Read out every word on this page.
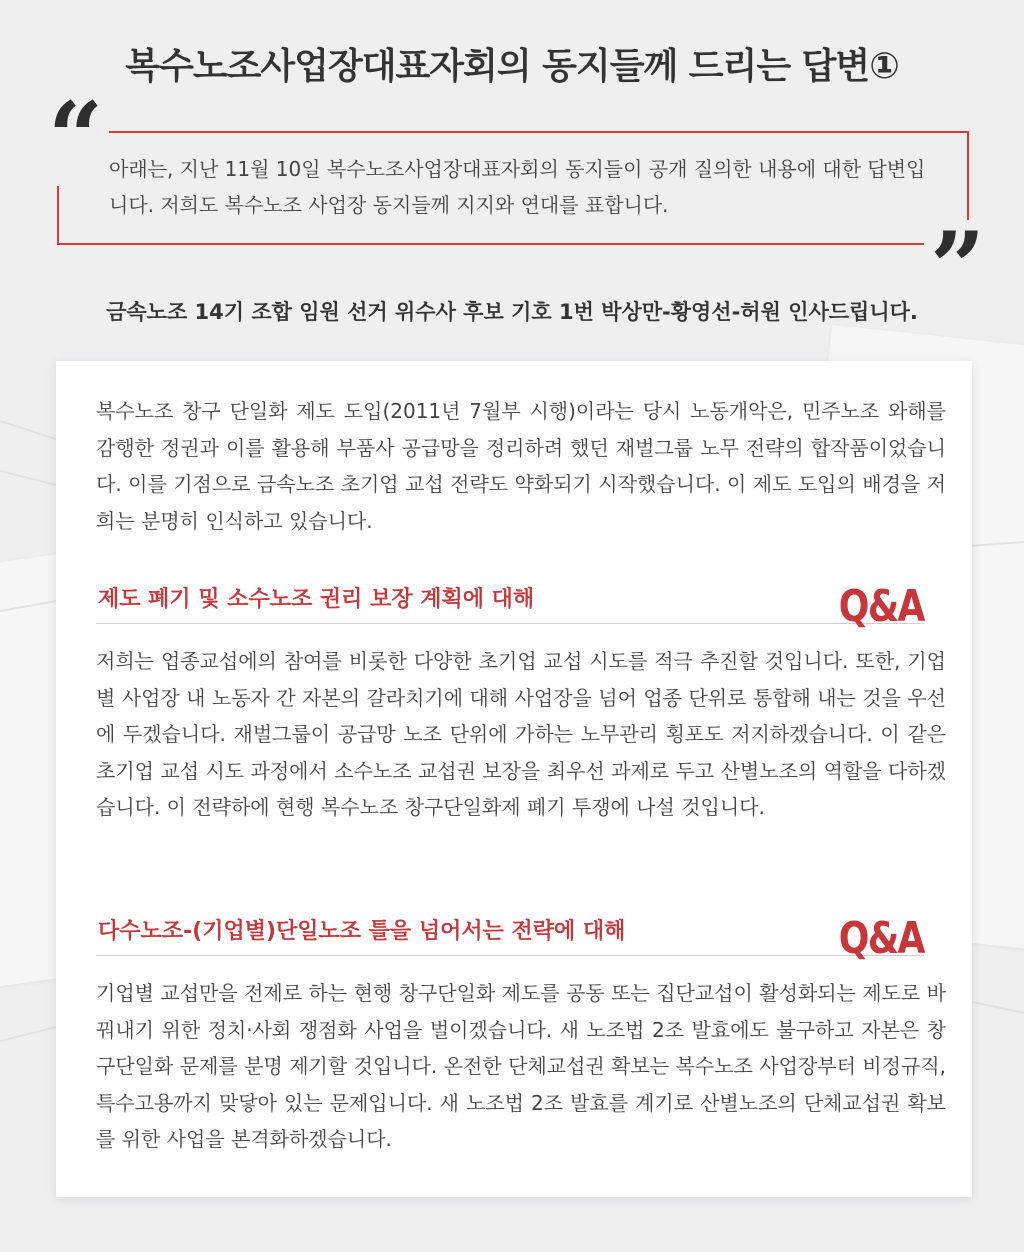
복수노조사업장대표자회의 동지들께 드리는 답변①
아래는, 지난 11월 10일 복수노조사업장대표자회의 동지들이 공개 질의한 내용에 대한 답변입니다. 저희도 복수노조 사업장 동지들께 지지와 연대를 표합니다.
“
”
금속노조 14기 조합 임원 선거 위수사 후보 기호 1번 박상만-황영선-허원 인사드립니다.

복수노조 창구 단일화 제도 도입(2011년 7월부 시행)이라는 당시 노동개악은, 민주노조 와해를 감행한 정권과 이를 활용해 부품사 공급망을 정리하려 했던 재벌그룹 노무 전략의 합작품이었습니다. 이를 기점으로 금속노조 초기업 교섭 전략도 약화되기 시작했습니다. 이 제도 도입의 배경을 저희는 분명히 인식하고 있습니다.

제도 폐기 및 소수노조 권리 보장 계획에 대해	Q&A

저희는 업종교섭에의 참여를 비롯한 다양한 초기업 교섭 시도를 적극 추진할 것입니다. 또한, 기업별 사업장 내 노동자 간 자본의 갈라치기에 대해 사업장을 넘어 업종 단위로 통합해 내는 것을 우선에 두겠습니다. 재벌그룹이 공급망 노조 단위에 가하는 노무관리 횡포도 저지하겠습니다. 이 같은 초기업 교섭 시도 과정에서 소수노조 교섭권 보장을 최우선 과제로 두고 산별노조의 역할을 다하겠습니다. 이 전략하에 현행 복수노조 창구단일화제 폐기 투쟁에 나설 것입니다.

다수노조-(기업별)단일노조 틀을 넘어서는 전략에 대해	Q&A

기업별 교섭만을 전제로 하는 현행 창구단일화 제도를 공동 또는 집단교섭이 활성화되는 제도로 바꿔내기 위한 정치·사회 쟁점화 사업을 벌이겠습니다. 새 노조법 2조 발효에도 불구하고 자본은 창구단일화 문제를 분명 제기할 것입니다. 온전한 단체교섭권 확보는 복수노조 사업장부터 비정규직, 특수고용까지 맞닿아 있는 문제입니다. 새 노조법 2조 발효를 계기로 산별노조의 단체교섭권 확보를 위한 사업을 본격화하겠습니다.
